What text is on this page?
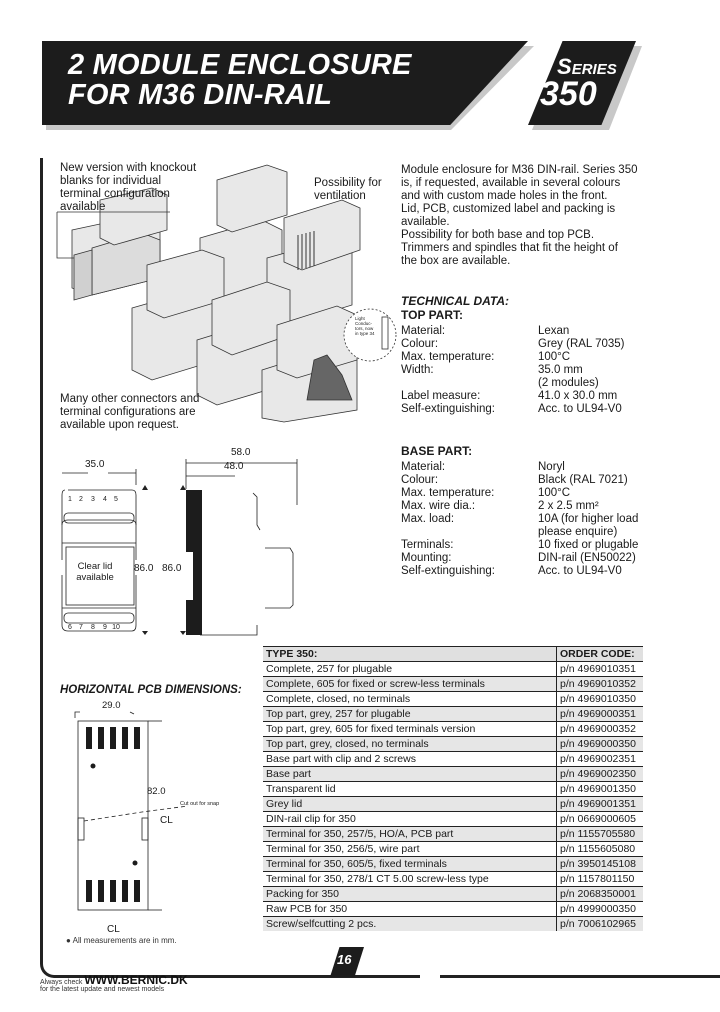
2 MODULE ENCLOSURE
FOR M36 DIN-RAIL
SERIES
350
New version with knockout
blanks for individual
terminal configuration
available
Possibility for
ventilation
Light
Conduc-
tors, now
in type 34
Many other connectors and
terminal configurations are
available upon request.
Module enclosure for M36 DIN-rail. Series 350
is, if requested, available in several colours
and with custom made holes in the front.
Lid, PCB, customized label and packing is
available.
Possibility for both base and top PCB.
Trimmers and spindles that fit the height of
the box are available.
TECHNICAL DATA:
TOP PART:
Material:	Lexan
Colour:	Grey (RAL 7035)
Max. temperature:	100°C
Width:	35.0 mm
(2 modules)
Label measure:	41.0 x 30.0 mm
Self-extinguishing:	Acc. to UL94-V0
BASE PART:
Material:	Noryl
Colour:	Black (RAL 7021)
Max. temperature:	100°C
Max. wire dia.:	2 x 2.5 mm²
Max. load:	10A (for higher load
please enquire)
Terminals:	10 fixed or plugable
Mounting:	DIN-rail (EN50022)
Self-extinguishing:	Acc. to UL94-V0
1 2 3 4 5
6 7 8 9 10
35.0
Clear lid
available
86.0 86.0
58.0
48.0
TYPE 350:	ORDER CODE:
Complete, 257 for plugable	p/n 4969010351
Complete, 605 for fixed or screw-less terminals	p/n 4969010352
Complete, closed, no terminals	p/n 4969010350
Top part, grey, 257 for plugable	p/n 4969000351
Top part, grey, 605 for fixed terminals version	p/n 4969000352
Top part, grey, closed, no terminals	p/n 4969000350
Base part with clip and 2 screws	p/n 4969002351
Base part	p/n 4969002350
Transparent lid	p/n 4969001350
Grey lid	p/n 4969001351
DIN-rail clip for 350	p/n 0669000605
Terminal for 350, 257/5, HO/A, PCB part	p/n 1155705580
Terminal for 350, 256/5, wire part	p/n 1155605080
Terminal for 350, 605/5, fixed terminals	p/n 3950145108
Terminal for 350, 278/1 CT 5.00 screw-less type	p/n 1157801150
Packing for 350	p/n 2068350001
Raw PCB for 350	p/n 4999000350
Screw/selfcutting 2 pcs.	p/n 7006102965
HORIZONTAL PCB DIMENSIONS:
29.0
82.0
Cut out for snap
CL
CL
● All measurements are in mm.
16
Always check WWW.BERNIC.DK
for the latest update and newest models
